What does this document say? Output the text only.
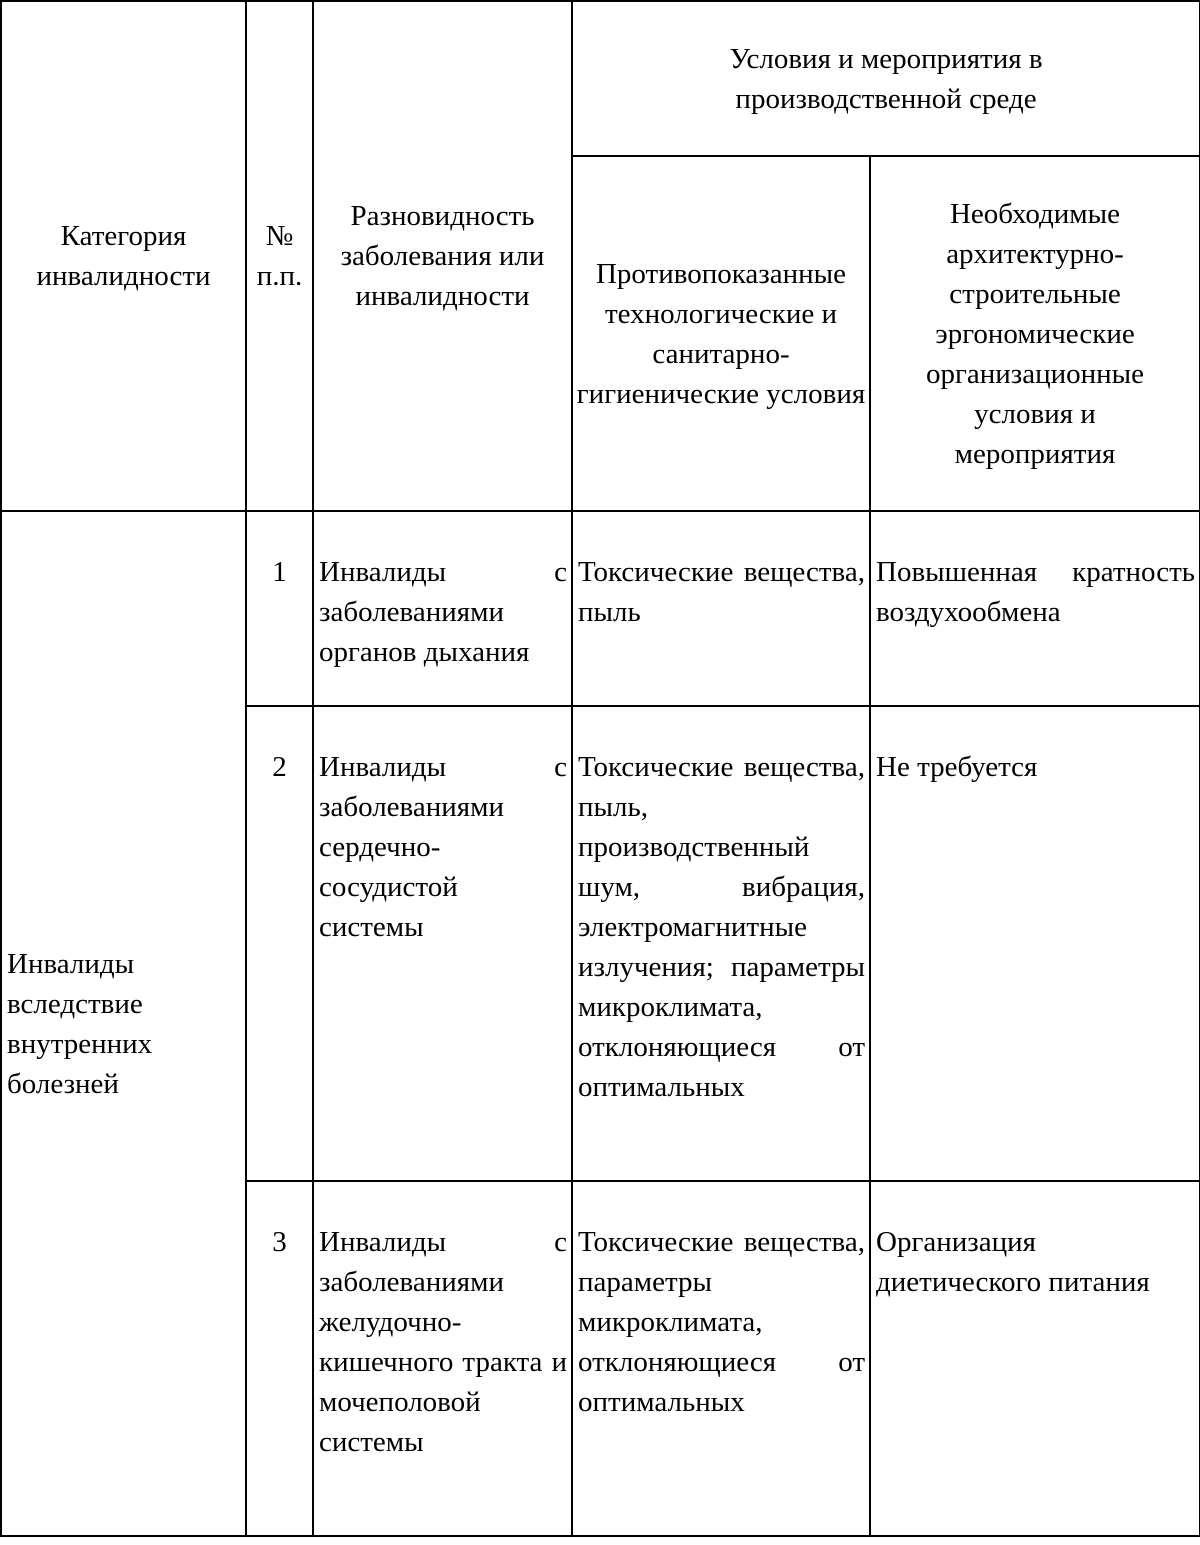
Категория инвалидности	№ п.п.	Разновидность заболевания или инвалидности	Условия и мероприятия в производственной среде	

			Противопоказанные технологические и санитарно-гигиенические условия	Необходимые архитектурно-строительные эргономические организационные условия и мероприятия

Инвалиды вследствие внутренних болезней	1	Инвалиды с заболеваниями органов дыхания	Токсические вещества, пыль	Повышенная кратность воздухообмена
	2	Инвалиды с заболеваниями сердечно-сосудистой системы	Токсические вещества, пыль, производственный шум, вибрация, электромагнитные излучения; параметры микроклимата, отклоняющиеся от оптимальных	Не требуется
	3	Инвалиды с заболеваниями желудочно-кишечного тракта и мочеполовой системы	Токсические вещества, параметры микроклимата, отклоняющиеся от оптимальных	Организация диетического питания
